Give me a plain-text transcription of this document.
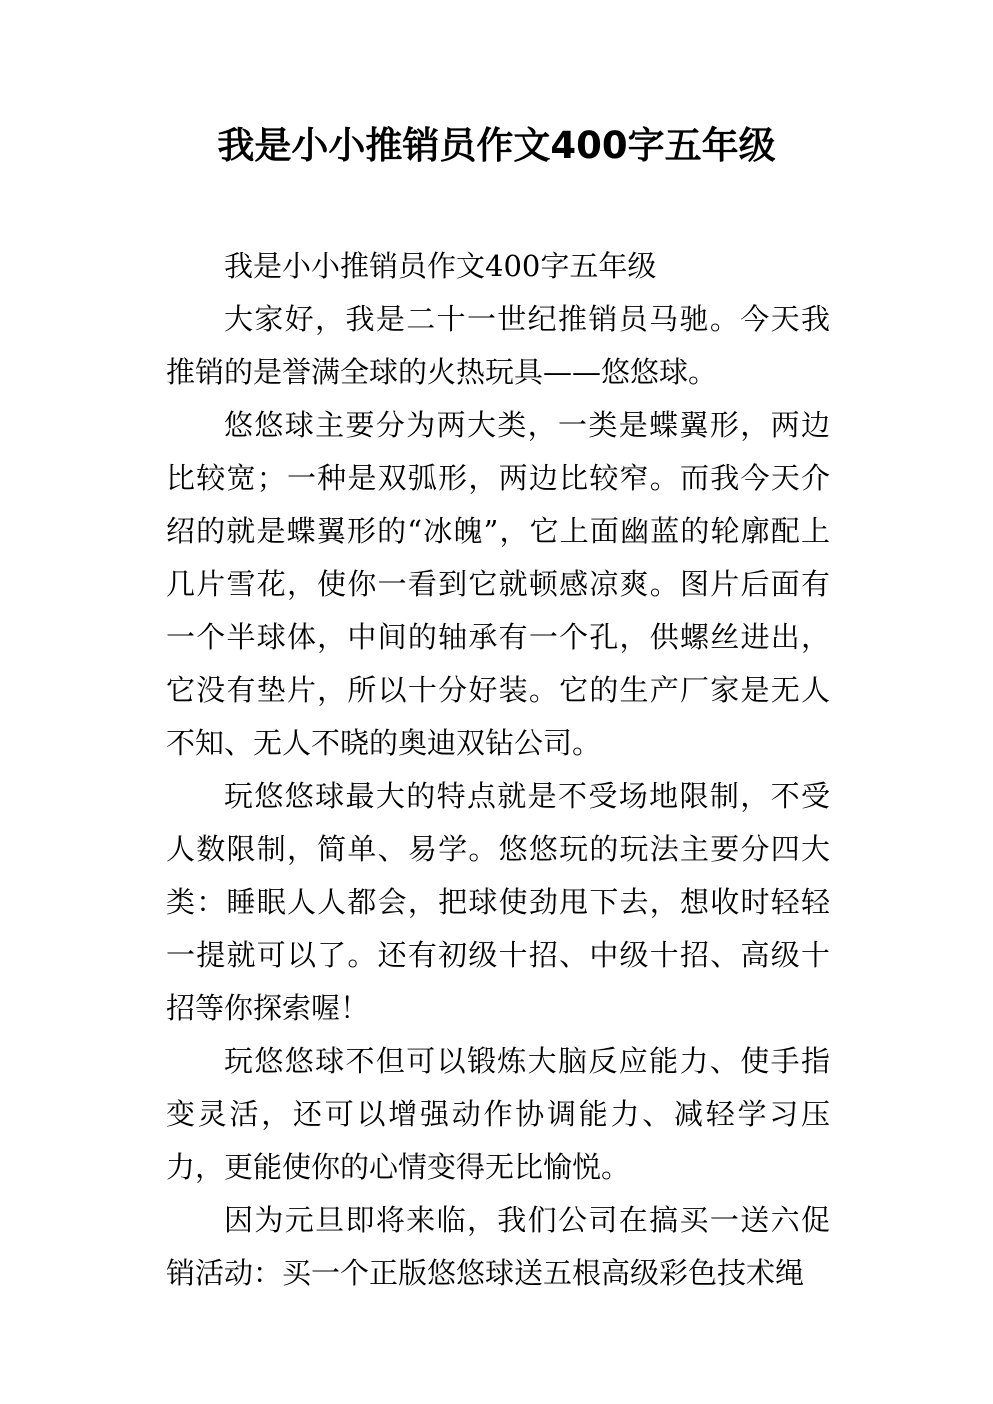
我是小小推销员作文400字五年级

我是小小推销员作文400字五年级

大家好，我是二十一世纪推销员马驰。今天我推销的是誉满全球的火热玩具——悠悠球。

悠悠球主要分为两大类，一类是蝶翼形，两边比较宽；一种是双弧形，两边比较窄。而我今天介绍的就是蝶翼形的“冰魄”，它上面幽蓝的轮廓配上几片雪花，使你一看到它就顿感凉爽。图片后面有一个半球体，中间的轴承有一个孔，供螺丝进出，它没有垫片，所以十分好装。它的生产厂家是无人不知、无人不晓的奥迪双钻公司。

玩悠悠球最大的特点就是不受场地限制，不受人数限制，简单、易学。悠悠玩的玩法主要分四大类：睡眠人人都会，把球使劲甩下去，想收时轻轻一提就可以了。还有初级十招、中级十招、高级十招等你探索喔！

玩悠悠球不但可以锻炼大脑反应能力、使手指变灵活，还可以增强动作协调能力、减轻学习压力，更能使你的心情变得无比愉悦。

因为元旦即将来临，我们公司在搞买一送六促销活动：买一个正版悠悠球送五根高级彩色技术绳
